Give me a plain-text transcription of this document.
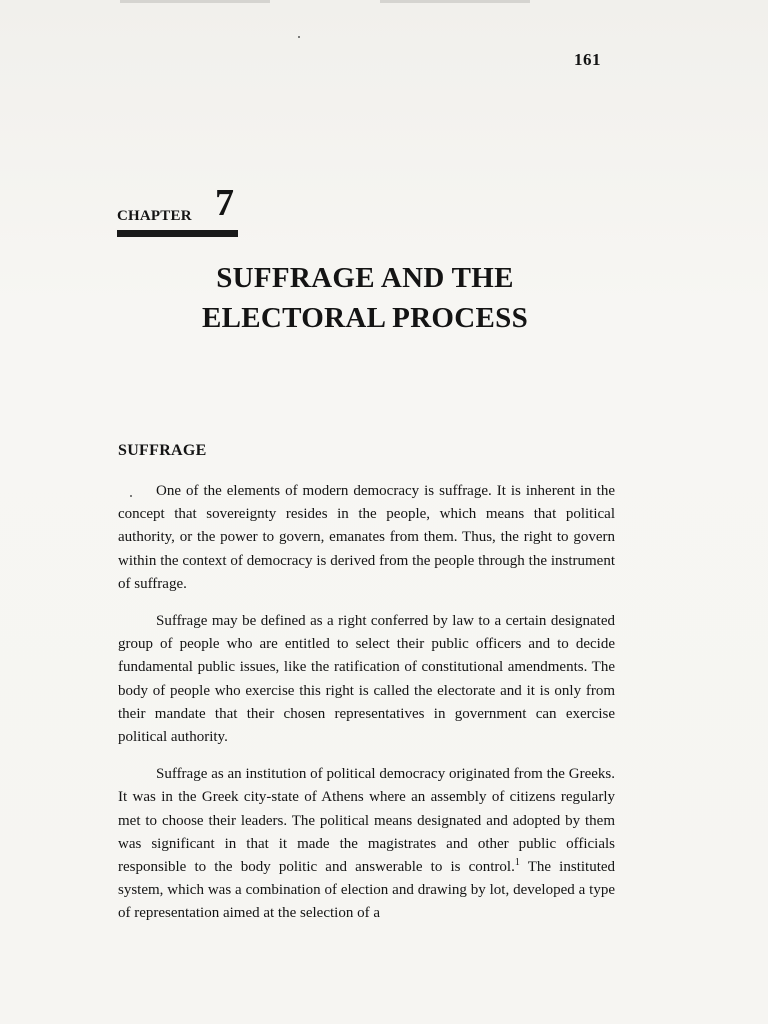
161
CHAPTER 7
SUFFRAGE AND THE
ELECTORAL PROCESS
SUFFRAGE

One of the elements of modern democracy is suffrage. It is inherent in the concept that sovereignty resides in the people, which means that political authority, or the power to govern, emanates from them. Thus, the right to govern within the context of democracy is derived from the people through the instrument of suffrage.

Suffrage may be defined as a right conferred by law to a certain designated group of people who are entitled to select their public officers and to decide fundamental public issues, like the ratification of constitutional amendments. The body of people who exercise this right is called the electorate and it is only from their mandate that their chosen representatives in government can exercise political authority.

Suffrage as an institution of political democracy originated from the Greeks. It was in the Greek city-state of Athens where an assembly of citizens regularly met to choose their leaders. The political means designated and adopted by them was significant in that it made the magistrates and other public officials responsible to the body politic and answerable to is control.$^1$ The instituted system, which was a combination of election and drawing by lot, developed a type of representation aimed at the selection of a
